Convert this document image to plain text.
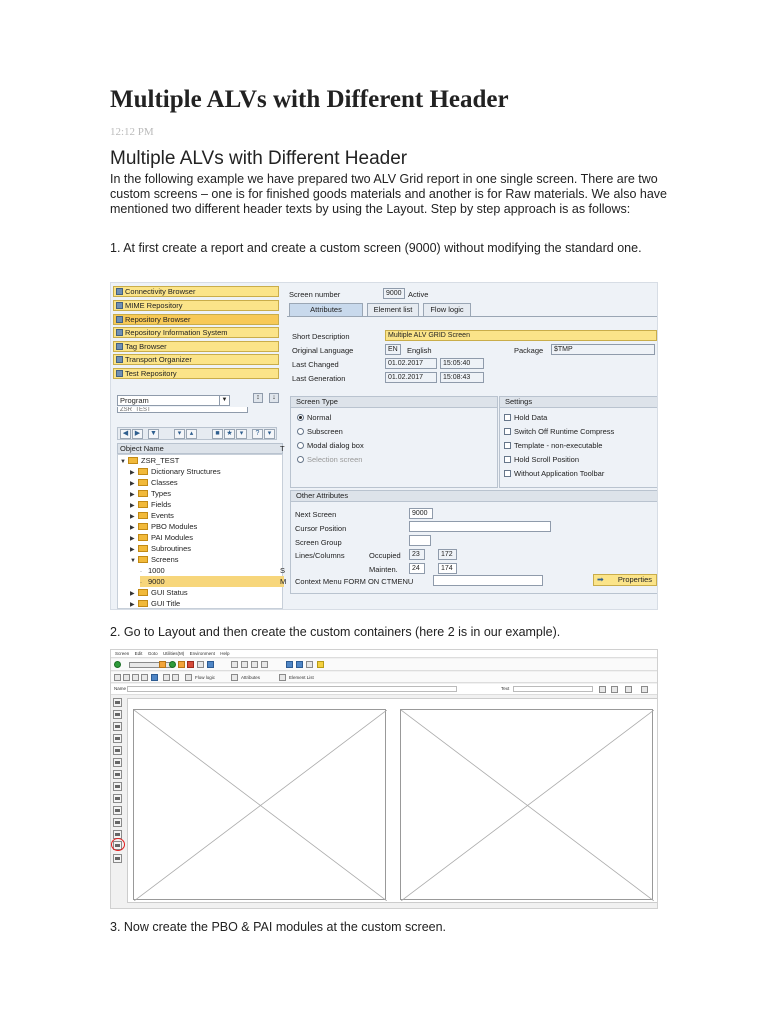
Multiple ALVs with Different Header
12:12 PM
Multiple ALVs with Different Header

In the following example we have prepared two ALV Grid report in one single screen. There are two custom screens – one is for finished goods materials and another is for Raw materials. We also have mentioned two different header texts by using the Layout. Step by step approach is as follows:

1. At first create a report and create a custom screen (9000) without modifying the standard one.

Connectivity Browser
MIME Repository
Repository Browser
Repository Information System
Tag Browser
Transport Organizer
Test Repository
Program	▼
ZSR_TEST
↕	↓
◀ ▶	▼	▾	▴	■ ★	▾	?	▾
Object Name	T
▼ ZSR_TEST
▶ Dictionary Structures
▶ Classes
▶ Types
▶ Fields
▶ Events
▶ PBO Modules
▶ PAI Modules
▶ Subroutines
▼ Screens
· 1000	S
· 9000	M
▶ GUI Status
▶ GUI Title
Screen number	9000 Active
Attributes	Element list	Flow logic
Short Description	Multiple ALV GRID Screen
Original Language	EN	English	Package	$TMP
Last Changed	01.02.2017	15:05:40
Last Generation	01.02.2017	15:08:43
Screen Type
Normal
Subscreen
Modal dialog box
Selection screen
Settings
Hold Data
Switch Off Runtime Compress
Template - non-executable
Hold Scroll Position
Without Application Toolbar
Other Attributes
Next Screen	9000
Cursor Position
Screen Group
Lines/Columns	Occupied	23	172
Mainten.	24	174
Context Menu FORM ON CTMENU	➡ Properties

2. Go to Layout and then create the custom containers (here 2 is in our example).

Screen Edit Goto Utilities(M) Environment Help
Flow logic	Attributes	Element List
Name	Text

3. Now create the PBO & PAI modules at the custom screen.
